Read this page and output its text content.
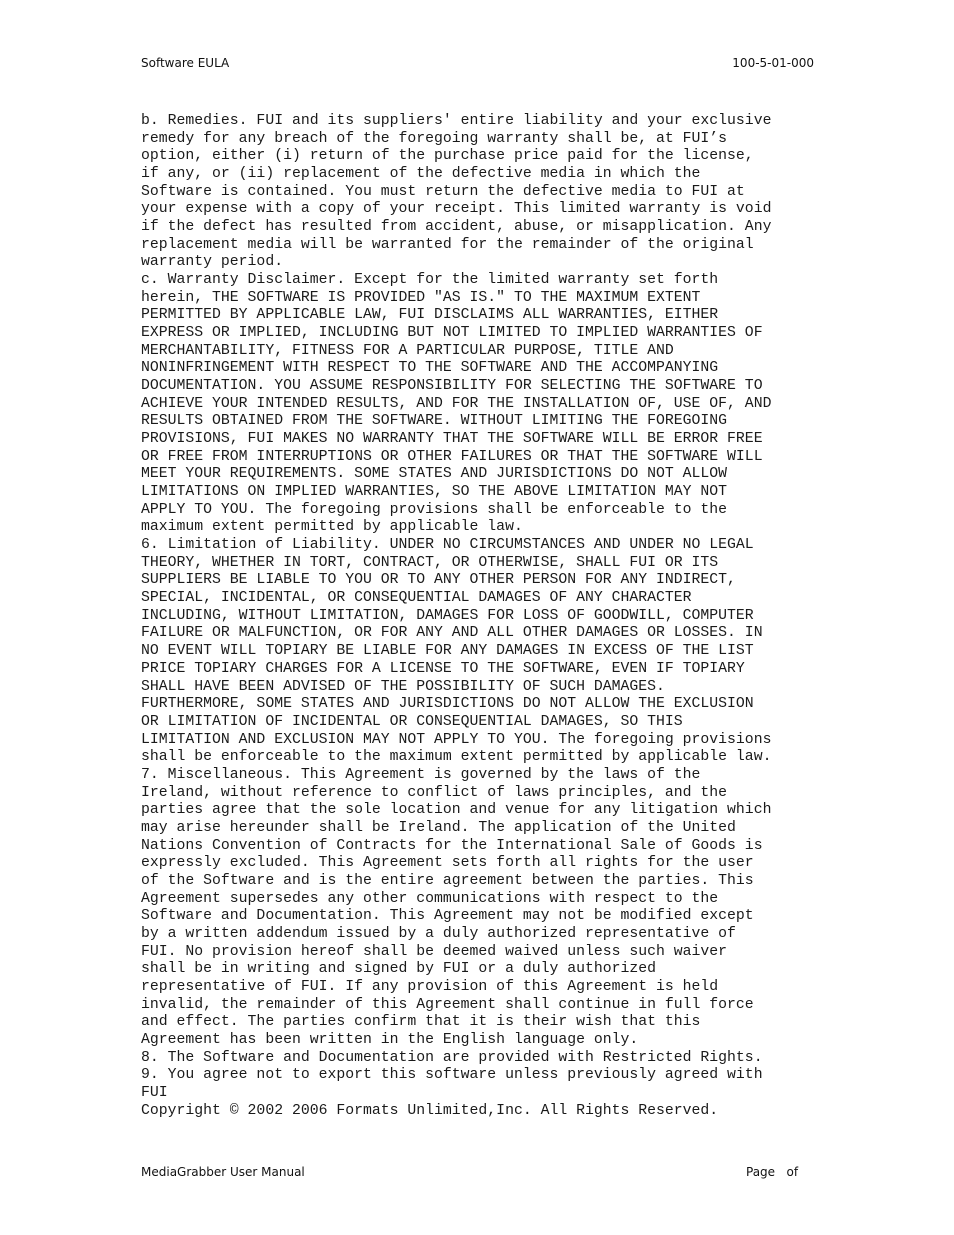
Software EULA	100-5-01-000
b. Remedies. FUI and its suppliers' entire liability and your exclusive
remedy for any breach of the foregoing warranty shall be, at FUI’s
option, either (i) return of the purchase price paid for the license,
if any, or (ii) replacement of the defective media in which the
Software is contained. You must return the defective media to FUI at
your expense with a copy of your receipt. This limited warranty is void
if the defect has resulted from accident, abuse, or misapplication. Any
replacement media will be warranted for the remainder of the original
warranty period.
c. Warranty Disclaimer. Except for the limited warranty set forth
herein, THE SOFTWARE IS PROVIDED "AS IS." TO THE MAXIMUM EXTENT
PERMITTED BY APPLICABLE LAW, FUI DISCLAIMS ALL WARRANTIES, EITHER
EXPRESS OR IMPLIED, INCLUDING BUT NOT LIMITED TO IMPLIED WARRANTIES OF
MERCHANTABILITY, FITNESS FOR A PARTICULAR PURPOSE, TITLE AND
NONINFRINGEMENT WITH RESPECT TO THE SOFTWARE AND THE ACCOMPANYING
DOCUMENTATION. YOU ASSUME RESPONSIBILITY FOR SELECTING THE SOFTWARE TO
ACHIEVE YOUR INTENDED RESULTS, AND FOR THE INSTALLATION OF, USE OF, AND
RESULTS OBTAINED FROM THE SOFTWARE. WITHOUT LIMITING THE FOREGOING
PROVISIONS, FUI MAKES NO WARRANTY THAT THE SOFTWARE WILL BE ERROR FREE
OR FREE FROM INTERRUPTIONS OR OTHER FAILURES OR THAT THE SOFTWARE WILL
MEET YOUR REQUIREMENTS. SOME STATES AND JURISDICTIONS DO NOT ALLOW
LIMITATIONS ON IMPLIED WARRANTIES, SO THE ABOVE LIMITATION MAY NOT
APPLY TO YOU. The foregoing provisions shall be enforceable to the
maximum extent permitted by applicable law.
6. Limitation of Liability. UNDER NO CIRCUMSTANCES AND UNDER NO LEGAL
THEORY, WHETHER IN TORT, CONTRACT, OR OTHERWISE, SHALL FUI OR ITS
SUPPLIERS BE LIABLE TO YOU OR TO ANY OTHER PERSON FOR ANY INDIRECT,
SPECIAL, INCIDENTAL, OR CONSEQUENTIAL DAMAGES OF ANY CHARACTER
INCLUDING, WITHOUT LIMITATION, DAMAGES FOR LOSS OF GOODWILL, COMPUTER
FAILURE OR MALFUNCTION, OR FOR ANY AND ALL OTHER DAMAGES OR LOSSES. IN
NO EVENT WILL TOPIARY BE LIABLE FOR ANY DAMAGES IN EXCESS OF THE LIST
PRICE TOPIARY CHARGES FOR A LICENSE TO THE SOFTWARE, EVEN IF TOPIARY
SHALL HAVE BEEN ADVISED OF THE POSSIBILITY OF SUCH DAMAGES.
FURTHERMORE, SOME STATES AND JURISDICTIONS DO NOT ALLOW THE EXCLUSION
OR LIMITATION OF INCIDENTAL OR CONSEQUENTIAL DAMAGES, SO THIS
LIMITATION AND EXCLUSION MAY NOT APPLY TO YOU. The foregoing provisions
shall be enforceable to the maximum extent permitted by applicable law.
7. Miscellaneous. This Agreement is governed by the laws of the
Ireland, without reference to conflict of laws principles, and the
parties agree that the sole location and venue for any litigation which
may arise hereunder shall be Ireland. The application of the United
Nations Convention of Contracts for the International Sale of Goods is
expressly excluded. This Agreement sets forth all rights for the user
of the Software and is the entire agreement between the parties. This
Agreement supersedes any other communications with respect to the
Software and Documentation. This Agreement may not be modified except
by a written addendum issued by a duly authorized representative of
FUI. No provision hereof shall be deemed waived unless such waiver
shall be in writing and signed by FUI or a duly authorized
representative of FUI. If any provision of this Agreement is held
invalid, the remainder of this Agreement shall continue in full force
and effect. The parties confirm that it is their wish that this
Agreement has been written in the English language only.
8. The Software and Documentation are provided with Restricted Rights.
9. You agree not to export this software unless previously agreed with
FUI
Copyright © 2002 2006 Formats Unlimited,Inc. All Rights Reserved.
MediaGrabber User Manual	Page   of
